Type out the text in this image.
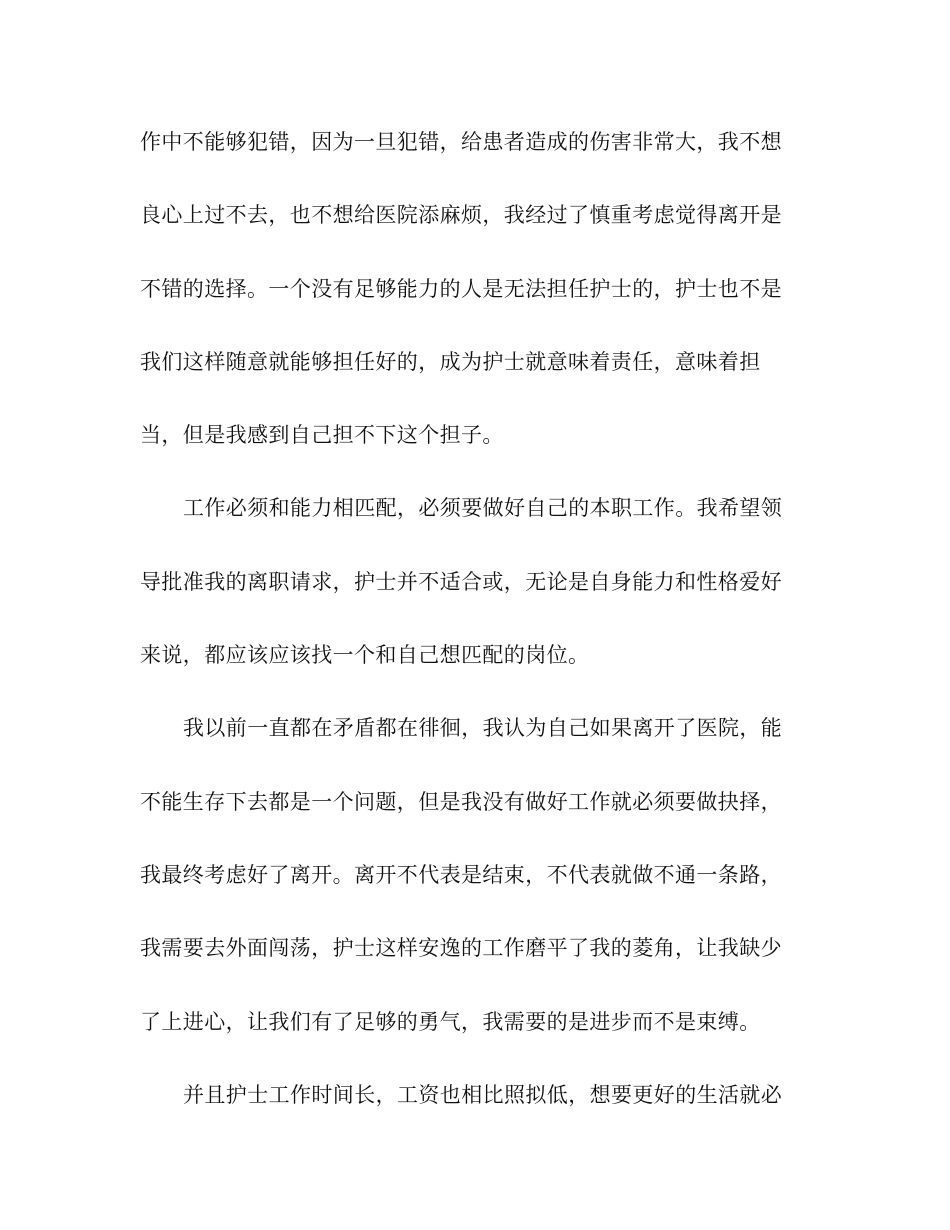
作中不能够犯错，因为一旦犯错，给患者造成的伤害非常大，我不想
良心上过不去，也不想给医院添麻烦，我经过了慎重考虑觉得离开是
不错的选择。一个没有足够能力的人是无法担任护士的，护士也不是
我们这样随意就能够担任好的，成为护士就意味着责任，意味着担
当，但是我感到自己担不下这个担子。
工作必须和能力相匹配，必须要做好自己的本职工作。我希望领
导批准我的离职请求，护士并不适合或，无论是自身能力和性格爱好
来说，都应该应该找一个和自己想匹配的岗位。
我以前一直都在矛盾都在徘徊，我认为自己如果离开了医院，能
不能生存下去都是一个问题，但是我没有做好工作就必须要做抉择，
我最终考虑好了离开。离开不代表是结束，不代表就做不通一条路，
我需要去外面闯荡，护士这样安逸的工作磨平了我的菱角，让我缺少
了上进心，让我们有了足够的勇气，我需要的是进步而不是束缚。
并且护士工作时间长，工资也相比照拟低，想要更好的生活就必
